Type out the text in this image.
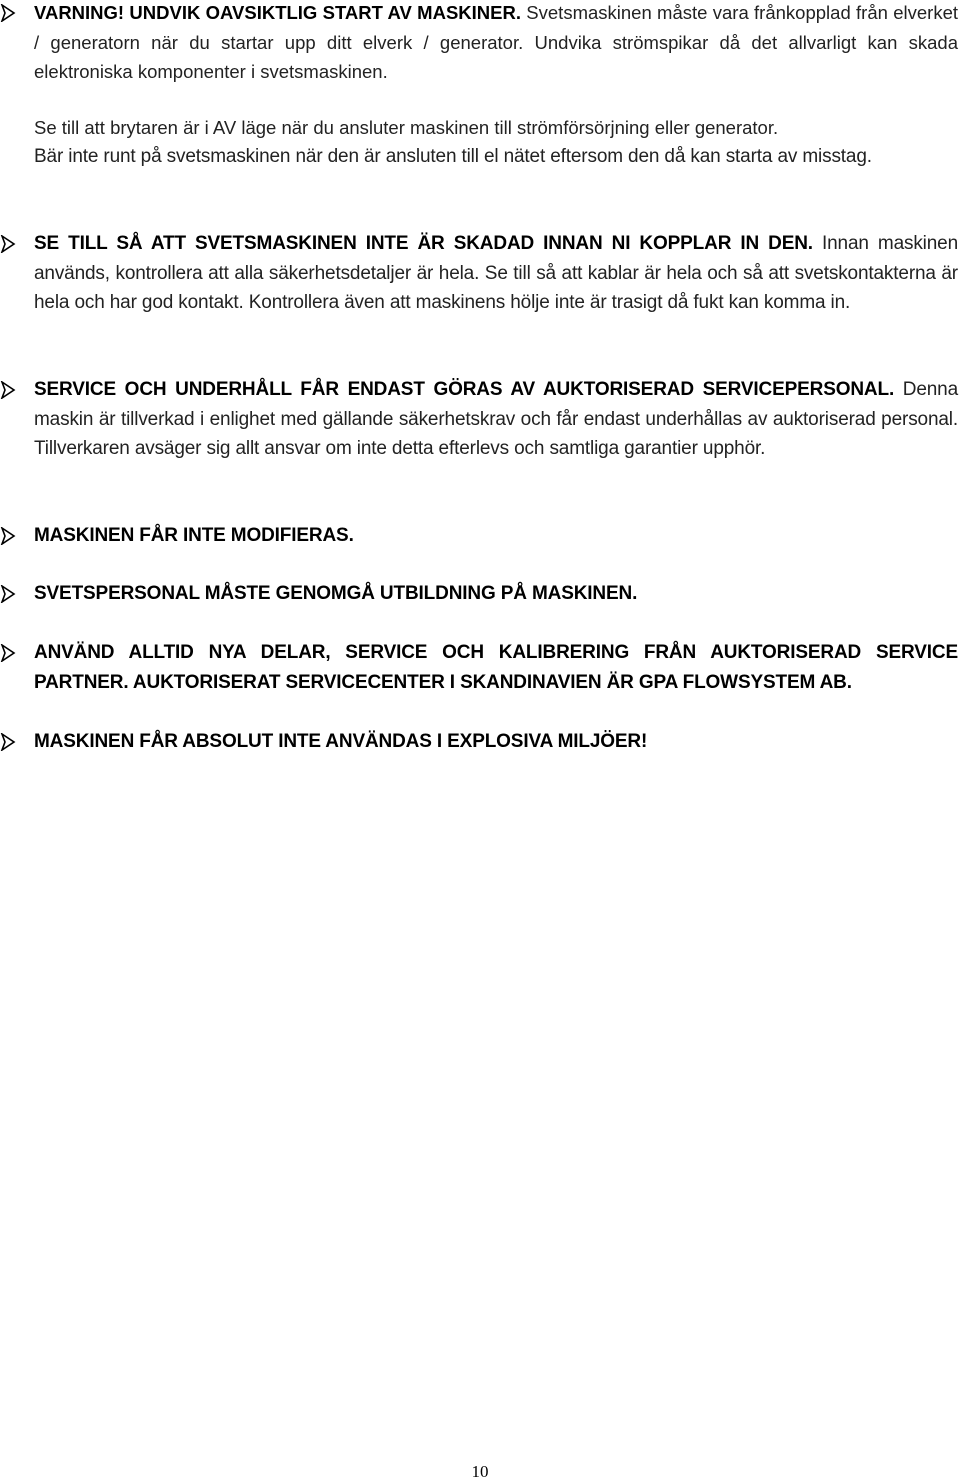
VARNING! UNDVIK OAVSIKTLIG START AV MASKINER. Svetsmaskinen måste vara frånkopplad från elverket / generatorn när du startar upp ditt elverk / generator. Undvika strömspikar då det allvarligt kan skada elektroniska komponenter i svetsmaskinen.
Se till att brytaren är i AV läge när du ansluter maskinen till strömförsörjning eller generator.
Bär inte runt på svetsmaskinen när den är ansluten till el nätet eftersom den då kan starta av misstag.
SE TILL SÅ ATT SVETSMASKINEN INTE ÄR SKADAD INNAN NI KOPPLAR IN DEN. Innan maskinen används, kontrollera att alla säkerhetsdetaljer är hela. Se till så att kablar är hela och så att svetskontakterna är hela och har god kontakt. Kontrollera även att maskinens hölje inte är trasigt då fukt kan komma in.
SERVICE OCH UNDERHÅLL FÅR ENDAST GÖRAS AV AUKTORISERAD SERVICEPERSONAL. Denna maskin är tillverkad i enlighet med gällande säkerhetskrav och får endast underhållas av auktoriserad personal. Tillverkaren avsäger sig allt ansvar om inte detta efterlevs och samtliga garantier upphör.
MASKINEN FÅR INTE MODIFIERAS.
SVETSPERSONAL MÅSTE GENOMGÅ UTBILDNING PÅ MASKINEN.
ANVÄND ALLTID NYA DELAR, SERVICE OCH KALIBRERING FRÅN AUKTORISERAD SERVICE PARTNER. AUKTORISERAT SERVICECENTER I SKANDINAVIEN ÄR GPA FLOWSYSTEM AB.
MASKINEN FÅR ABSOLUT INTE ANVÄNDAS I EXPLOSIVA MILJÖER!
10
